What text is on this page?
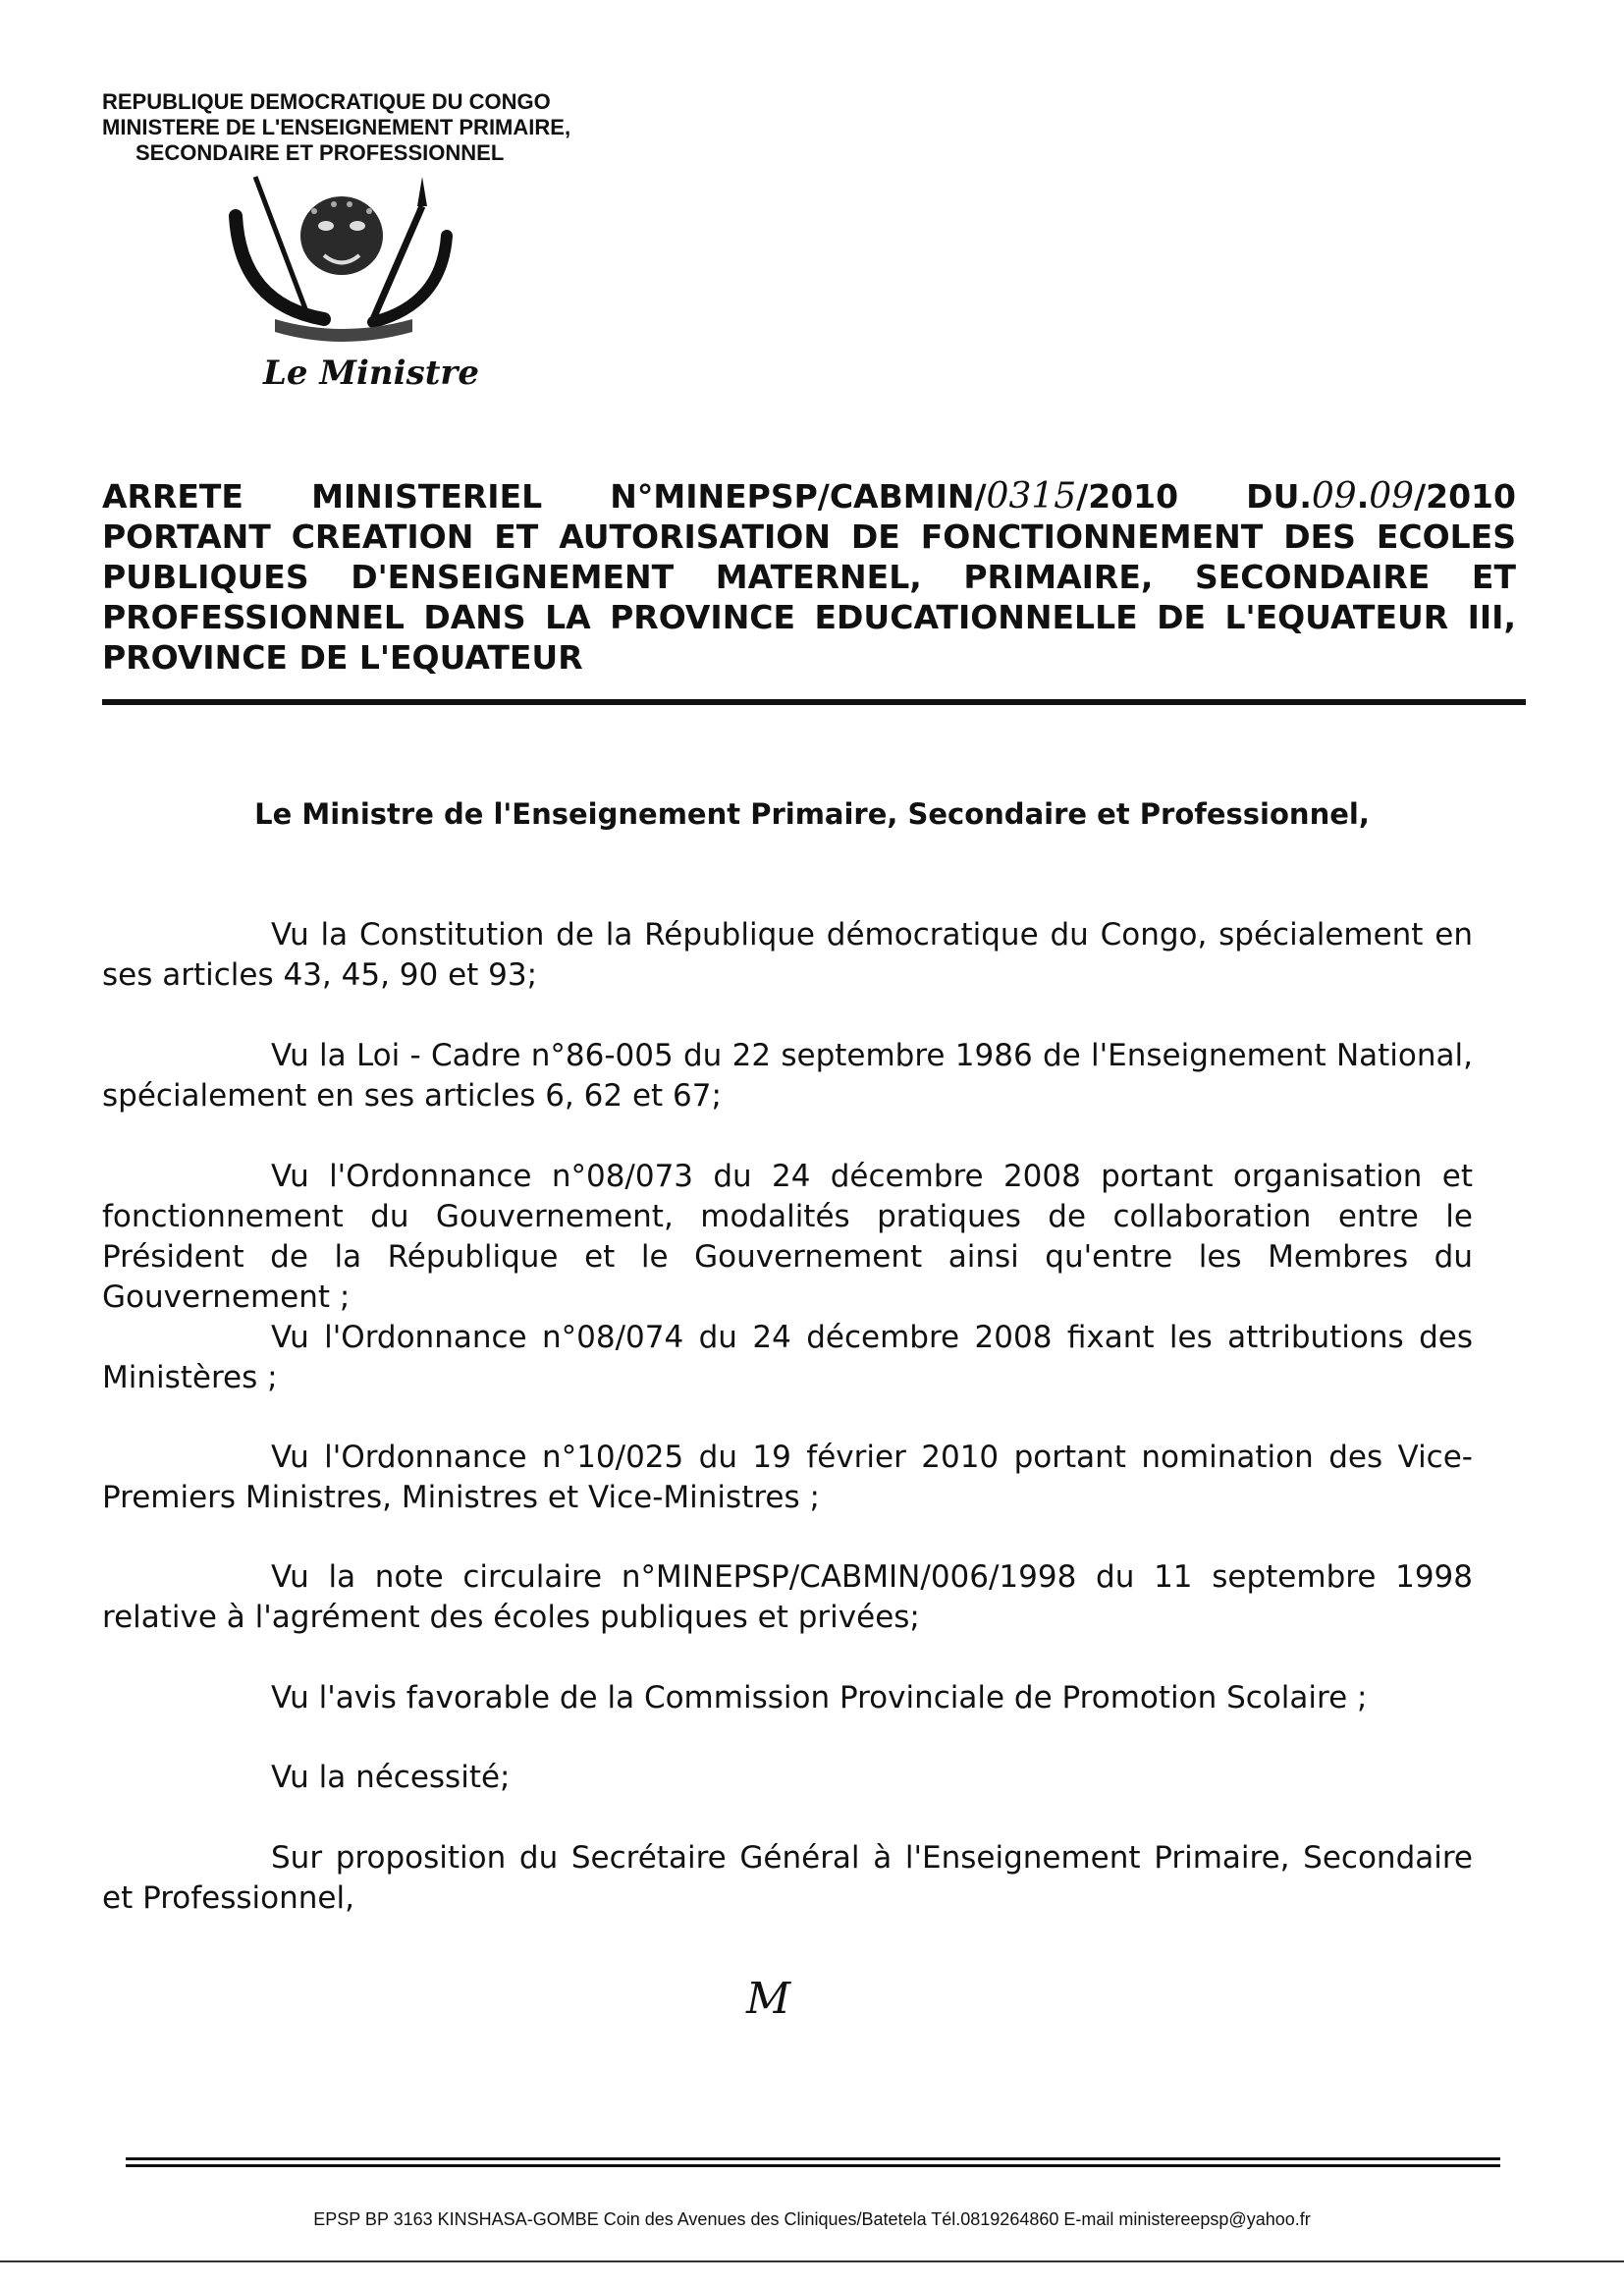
REPUBLIQUE DEMOCRATIQUE DU CONGO
MINISTERE DE L'ENSEIGNEMENT PRIMAIRE,
SECONDAIRE ET PROFESSIONNEL
Le Ministre
ARRETE MINISTERIEL N°MINEPSP/CABMIN/0315/2010 DU.09.09/2010
PORTANT CREATION ET AUTORISATION DE FONCTIONNEMENT DES ECOLES
PUBLIQUES D'ENSEIGNEMENT MATERNEL, PRIMAIRE, SECONDAIRE ET
PROFESSIONNEL DANS LA PROVINCE EDUCATIONNELLE DE L'EQUATEUR III,
PROVINCE DE L'EQUATEUR
Le Ministre de l'Enseignement Primaire, Secondaire et Professionnel,

Vu la Constitution de la République démocratique du Congo, spécialement en ses articles 43, 45, 90 et 93;

Vu la Loi - Cadre n°86-005 du 22 septembre 1986 de l'Enseignement National, spécialement en ses articles 6, 62 et 67;

Vu l'Ordonnance n°08/073 du 24 décembre 2008 portant organisation et fonctionnement du Gouvernement, modalités pratiques de collaboration entre le Président de la République et le Gouvernement ainsi qu'entre les Membres du Gouvernement ;

Vu l'Ordonnance n°08/074 du 24 décembre 2008 fixant les attributions des Ministères ;

Vu l'Ordonnance n°10/025 du 19 février 2010 portant nomination des Vice-Premiers Ministres, Ministres et Vice-Ministres ;

Vu la note circulaire n°MINEPSP/CABMIN/006/1998 du 11 septembre 1998 relative à l'agrément des écoles publiques et privées;

Vu l'avis favorable de la Commission Provinciale de Promotion Scolaire ;

Vu la nécessité;

Sur proposition du Secrétaire Général à l'Enseignement Primaire, Secondaire et Professionnel,

M
EPSP BP 3163 KINSHASA-GOMBE Coin des Avenues des Cliniques/Batetela Tél.0819264860 E-mail ministereepsp@yahoo.fr
